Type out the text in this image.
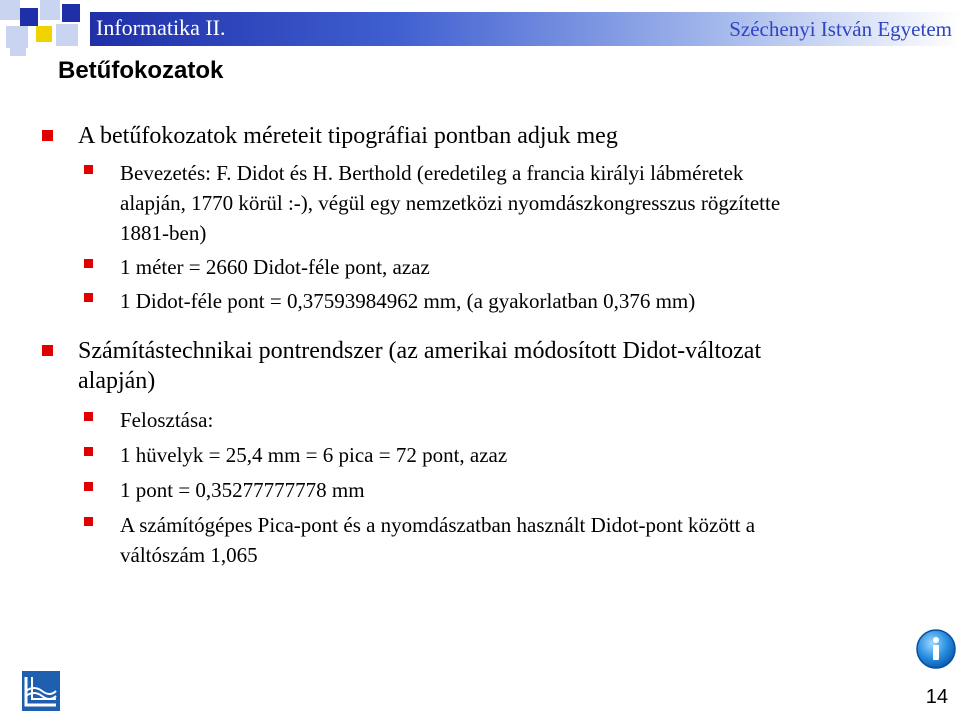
Informatika II.	Széchenyi István Egyetem
Betűfokozatok
A betűfokozatok méreteit tipográfiai pontban adjuk meg
Bevezetés: F. Didot és H. Berthold (eredetileg a francia királyi lábméretek
alapján, 1770 körül :-), végül egy nemzetközi nyomdászkongresszus rögzítette
1881-ben)
1 méter = 2660 Didot-féle pont, azaz
1 Didot-féle pont = 0,37593984962 mm, (a gyakorlatban 0,376 mm)
Számítástechnikai pontrendszer (az amerikai módosított Didot-változat
alapján)
Felosztása:
1 hüvelyk = 25,4 mm = 6 pica = 72 pont, azaz
1 pont = 0,35277777778 mm
A számítógépes Pica-pont és a nyomdászatban használt Didot-pont között a
váltószám 1,065
14
